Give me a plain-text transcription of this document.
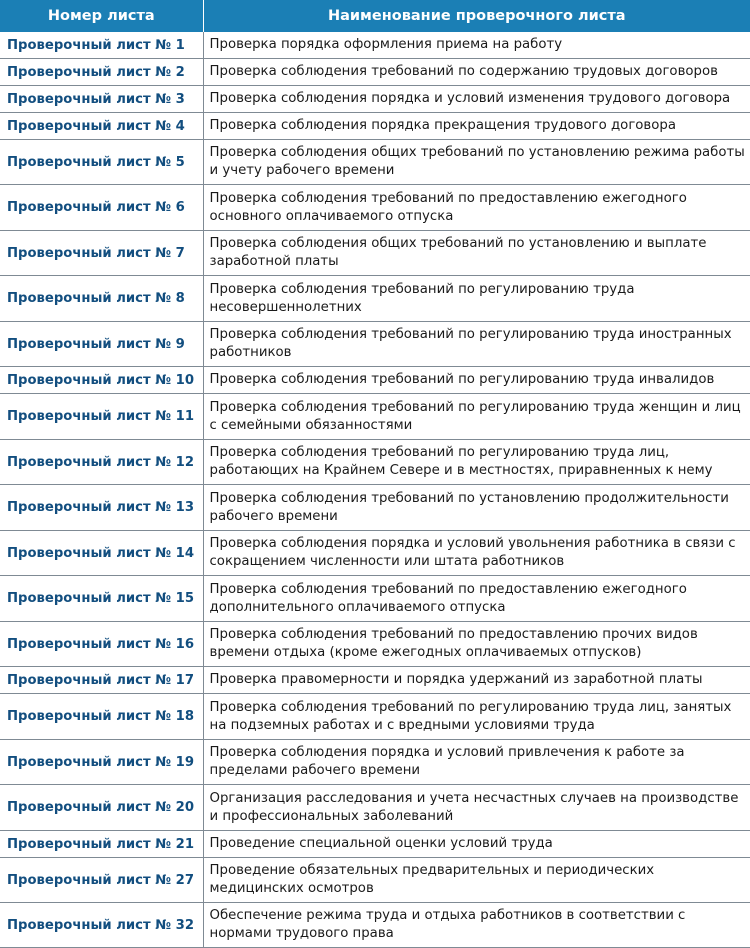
Номер листа	Наименование проверочного листа
Проверочный лист № 1	Проверка порядка оформления приема на работу
Проверочный лист № 2	Проверка соблюдения требований по содержанию трудовых договоров
Проверочный лист № 3	Проверка соблюдения порядка и условий изменения трудового договора
Проверочный лист № 4	Проверка соблюдения порядка прекращения трудового договора
Проверочный лист № 5	Проверка соблюдения общих требований по установлению режима работы и учету рабочего времени
Проверочный лист № 6	Проверка соблюдения требований по предоставлению ежегодного основного оплачиваемого отпуска
Проверочный лист № 7	Проверка соблюдения общих требований по установлению и выплате заработной платы
Проверочный лист № 8	Проверка соблюдения требований по регулированию труда несовершеннолетних
Проверочный лист № 9	Проверка соблюдения требований по регулированию труда иностранных работников
Проверочный лист № 10	Проверка соблюдения требований по регулированию труда инвалидов
Проверочный лист № 11	Проверка соблюдения требований по регулированию труда женщин и лиц с семейными обязанностями
Проверочный лист № 12	Проверка соблюдения требований по регулированию труда лиц, работающих на Крайнем Севере и в местностях, приравненных к нему
Проверочный лист № 13	Проверка соблюдения требований по установлению продолжительности рабочего времени
Проверочный лист № 14	Проверка соблюдения порядка и условий увольнения работника в связи с сокращением численности или штата работников
Проверочный лист № 15	Проверка соблюдения требований по предоставлению ежегодного дополнительного оплачиваемого отпуска
Проверочный лист № 16	Проверка соблюдения требований по предоставлению прочих видов времени отдыха (кроме ежегодных оплачиваемых отпусков)
Проверочный лист № 17	Проверка правомерности и порядка удержаний из заработной платы
Проверочный лист № 18	Проверка соблюдения требований по регулированию труда лиц, занятых на подземных работах и с вредными условиями труда
Проверочный лист № 19	Проверка соблюдения порядка и условий привлечения к работе за пределами рабочего времени
Проверочный лист № 20	Организация расследования и учета несчастных случаев на производстве и профессиональных заболеваний
Проверочный лист № 21	Проведение специальной оценки условий труда
Проверочный лист № 27	Проведение обязательных предварительных и периодических медицинских осмотров
Проверочный лист № 32	Обеспечение режима труда и отдыха работников в соответствии с нормами трудового права
